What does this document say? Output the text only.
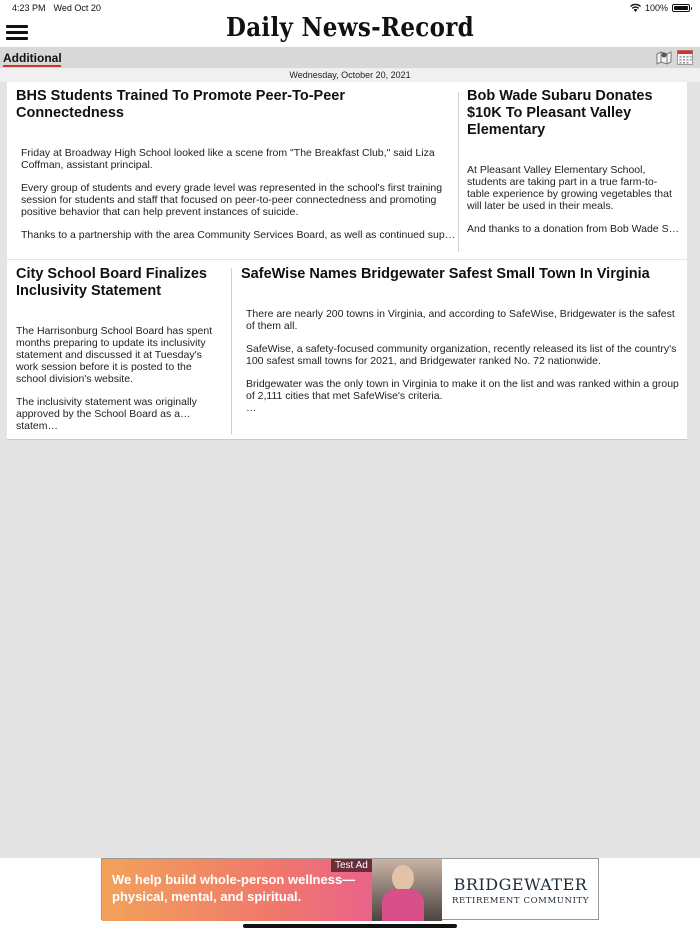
4:23 PM Wed Oct 20	100%
Daily News-Record
Additional
Wednesday, October 20, 2021
BHS Students Trained To Promote Peer-To-Peer Connectedness

Friday at Broadway High School looked like a scene from "The Breakfast Club," said Liza Coffman, assistant principal.

Every group of students and every grade level was represented in the school's first training session for students and staff that focused on peer-to-peer connectedness and promoting positive behavior that can help prevent instances of suicide.

Thanks to a partnership with the area Community Services Board, as well as continued sup…

Bob Wade Subaru Donates $10K To Pleasant Valley Elementary

At Pleasant Valley Elementary School, students are taking part in a true farm-to-table experience by growing vegetables that will later be used in their meals.

And thanks to a donation from Bob Wade S…

City School Board Finalizes Inclusivity Statement

The Harrisonburg School Board has spent months preparing to update its inclusivity statement and discussed it at Tuesday's work session before it is posted to the school division's website.

The inclusivity statement was originally approved by the School Board as a statem…

SafeWise Names Bridgewater Safest Small Town In Virginia

There are nearly 200 towns in Virginia, and according to SafeWise, Bridgewater is the safest of them all.

SafeWise, a safety-focused community organization, recently released its list of the country's 100 safest small towns for 2021, and Bridgewater ranked No. 72 nationwide.

Bridgewater was the only town in Virginia to make it on the list and was ranked within a group of 2,111 cities that met SafeWise's criteria.

…

We help build whole-person wellness—
physical, mental, and spiritual.
Test Ad
BRIDGEWATER
RETIREMENT COMMUNITY
